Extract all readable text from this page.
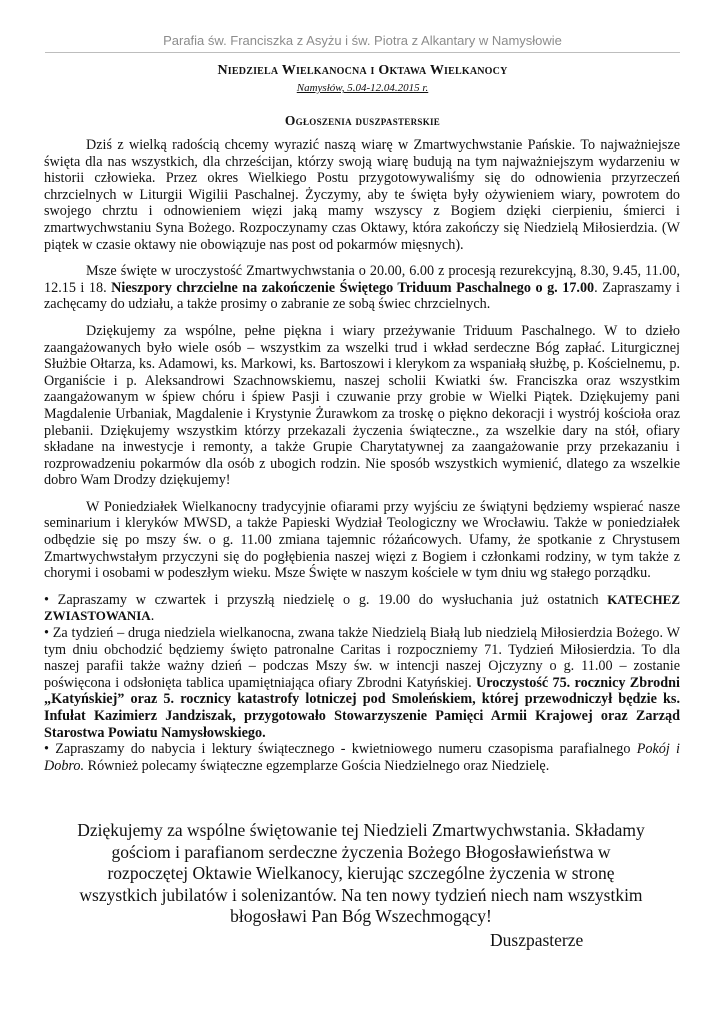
Parafia św. Franciszka z Asyżu i św. Piotra z Alkantary w Namysłowie
Niedziela Wielkanocna i Oktawa Wielkanocy
Namysłów, 5.04-12.04.2015 r.
Ogłoszenia duszpasterskie

Dziś z wielką radością chcemy wyrazić naszą wiarę w Zmartwychwstanie Pańskie. To najważniejsze święta dla nas wszystkich, dla chrześcijan, którzy swoją wiarę budują na tym najważniejszym wydarzeniu w historii człowieka. Przez okres Wielkiego Postu przygotowywaliśmy się do odnowienia przyrzeczeń chrzcielnych w Liturgii Wigilii Paschalnej. Życzymy, aby te święta były ożywieniem wiary, powrotem do swojego chrztu i odnowieniem więzi jaką mamy wszyscy z Bogiem dzięki cierpieniu, śmierci i zmartwychwstaniu Syna Bożego. Rozpoczynamy czas Oktawy, która zakończy się Niedzielą Miłosierdzia. (W piątek w czasie oktawy nie obowiązuje nas post od pokarmów mięsnych).

Msze święte w uroczystość Zmartwychwstania o 20.00, 6.00 z procesją rezurekcyjną, 8.30, 9.45, 11.00, 12.15 i 18. Nieszpory chrzcielne na zakończenie Świętego Triduum Paschalnego o g. 17.00. Zapraszamy i zachęcamy do udziału, a także prosimy o zabranie ze sobą świec chrzcielnych.

Dziękujemy za wspólne, pełne piękna i wiary przeżywanie Triduum Paschalnego. W to dzieło zaangażowanych było wiele osób – wszystkim za wszelki trud i wkład serdeczne Bóg zapłać. Liturgicznej Służbie Ołtarza, ks. Adamowi, ks. Markowi, ks. Bartoszowi i klerykom za wspaniałą służbę, p. Kościelnemu, p. Organiście i p. Aleksandrowi Szachnowskiemu, naszej scholii Kwiatki św. Franciszka oraz wszystkim zaangażowanym w śpiew chóru i śpiew Pasji i czuwanie przy grobie w Wielki Piątek. Dziękujemy pani Magdalenie Urbaniak, Magdalenie i Krystynie Żurawkom za troskę o piękno dekoracji i wystrój kościoła oraz plebanii. Dziękujemy wszystkim którzy przekazali życzenia świąteczne., za wszelkie dary na stół, ofiary składane na inwestycje i remonty, a także Grupie Charytatywnej za zaangażowanie przy przekazaniu i rozprowadzeniu pokarmów dla osób z ubogich rodzin. Nie sposób wszystkich wymienić, dlatego za wszelkie dobro Wam Drodzy dziękujemy!

W Poniedziałek Wielkanocny tradycyjnie ofiarami przy wyjściu ze świątyni będziemy wspierać nasze seminarium i kleryków MWSD, a także Papieski Wydział Teologiczny we Wrocławiu. Także w poniedziałek odbędzie się po mszy św. o g. 11.00 zmiana tajemnic różańcowych. Ufamy, że spotkanie z Chrystusem Zmartwychwstałym przyczyni się do pogłębienia naszej więzi z Bogiem i członkami rodziny, w tym także z chorymi i osobami w podeszłym wieku. Msze Święte w naszym kościele w tym dniu wg stałego porządku.

• Zapraszamy w czwartek i przyszłą niedzielę o g. 19.00 do wysłuchania już ostatnich KATECHEZ ZWIASTOWANIA.

• Za tydzień – druga niedziela wielkanocna, zwana także Niedzielą Białą lub niedzielą Miłosierdzia Bożego. W tym dniu obchodzić będziemy święto patronalne Caritas i rozpoczniemy 71. Tydzień Miłosierdzia. To dla naszej parafii także ważny dzień – podczas Mszy św. w intencji naszej Ojczyzny o g. 11.00 – zostanie poświęcona i odsłonięta tablica upamiętniająca ofiary Zbrodni Katyńskiej. Uroczystość 75. rocznicy Zbrodni „Katyńskiej” oraz 5. rocznicy katastrofy lotniczej pod Smoleńskiem, której przewodniczył będzie ks. Infułat Kazimierz Jandziszak, przygotowało Stowarzyszenie Pamięci Armii Krajowej oraz Zarząd Starostwa Powiatu Namysłowskiego.

• Zapraszamy do nabycia i lektury świątecznego - kwietniowego numeru czasopisma parafialnego Pokój i Dobro. Również polecamy świąteczne egzemplarze Gościa Niedzielnego oraz Niedzielę.

Dziękujemy za wspólne świętowanie tej Niedzieli Zmartwychwstania. Składamy gościom i parafianom serdeczne życzenia Bożego Błogosławieństwa w rozpoczętej Oktawie Wielkanocy, kierując szczególne życzenia w stronę wszystkich jubilatów i solenizantów. Na ten nowy tydzień niech nam wszystkim błogosławi Pan Bóg Wszechmogący!
Duszpasterze
